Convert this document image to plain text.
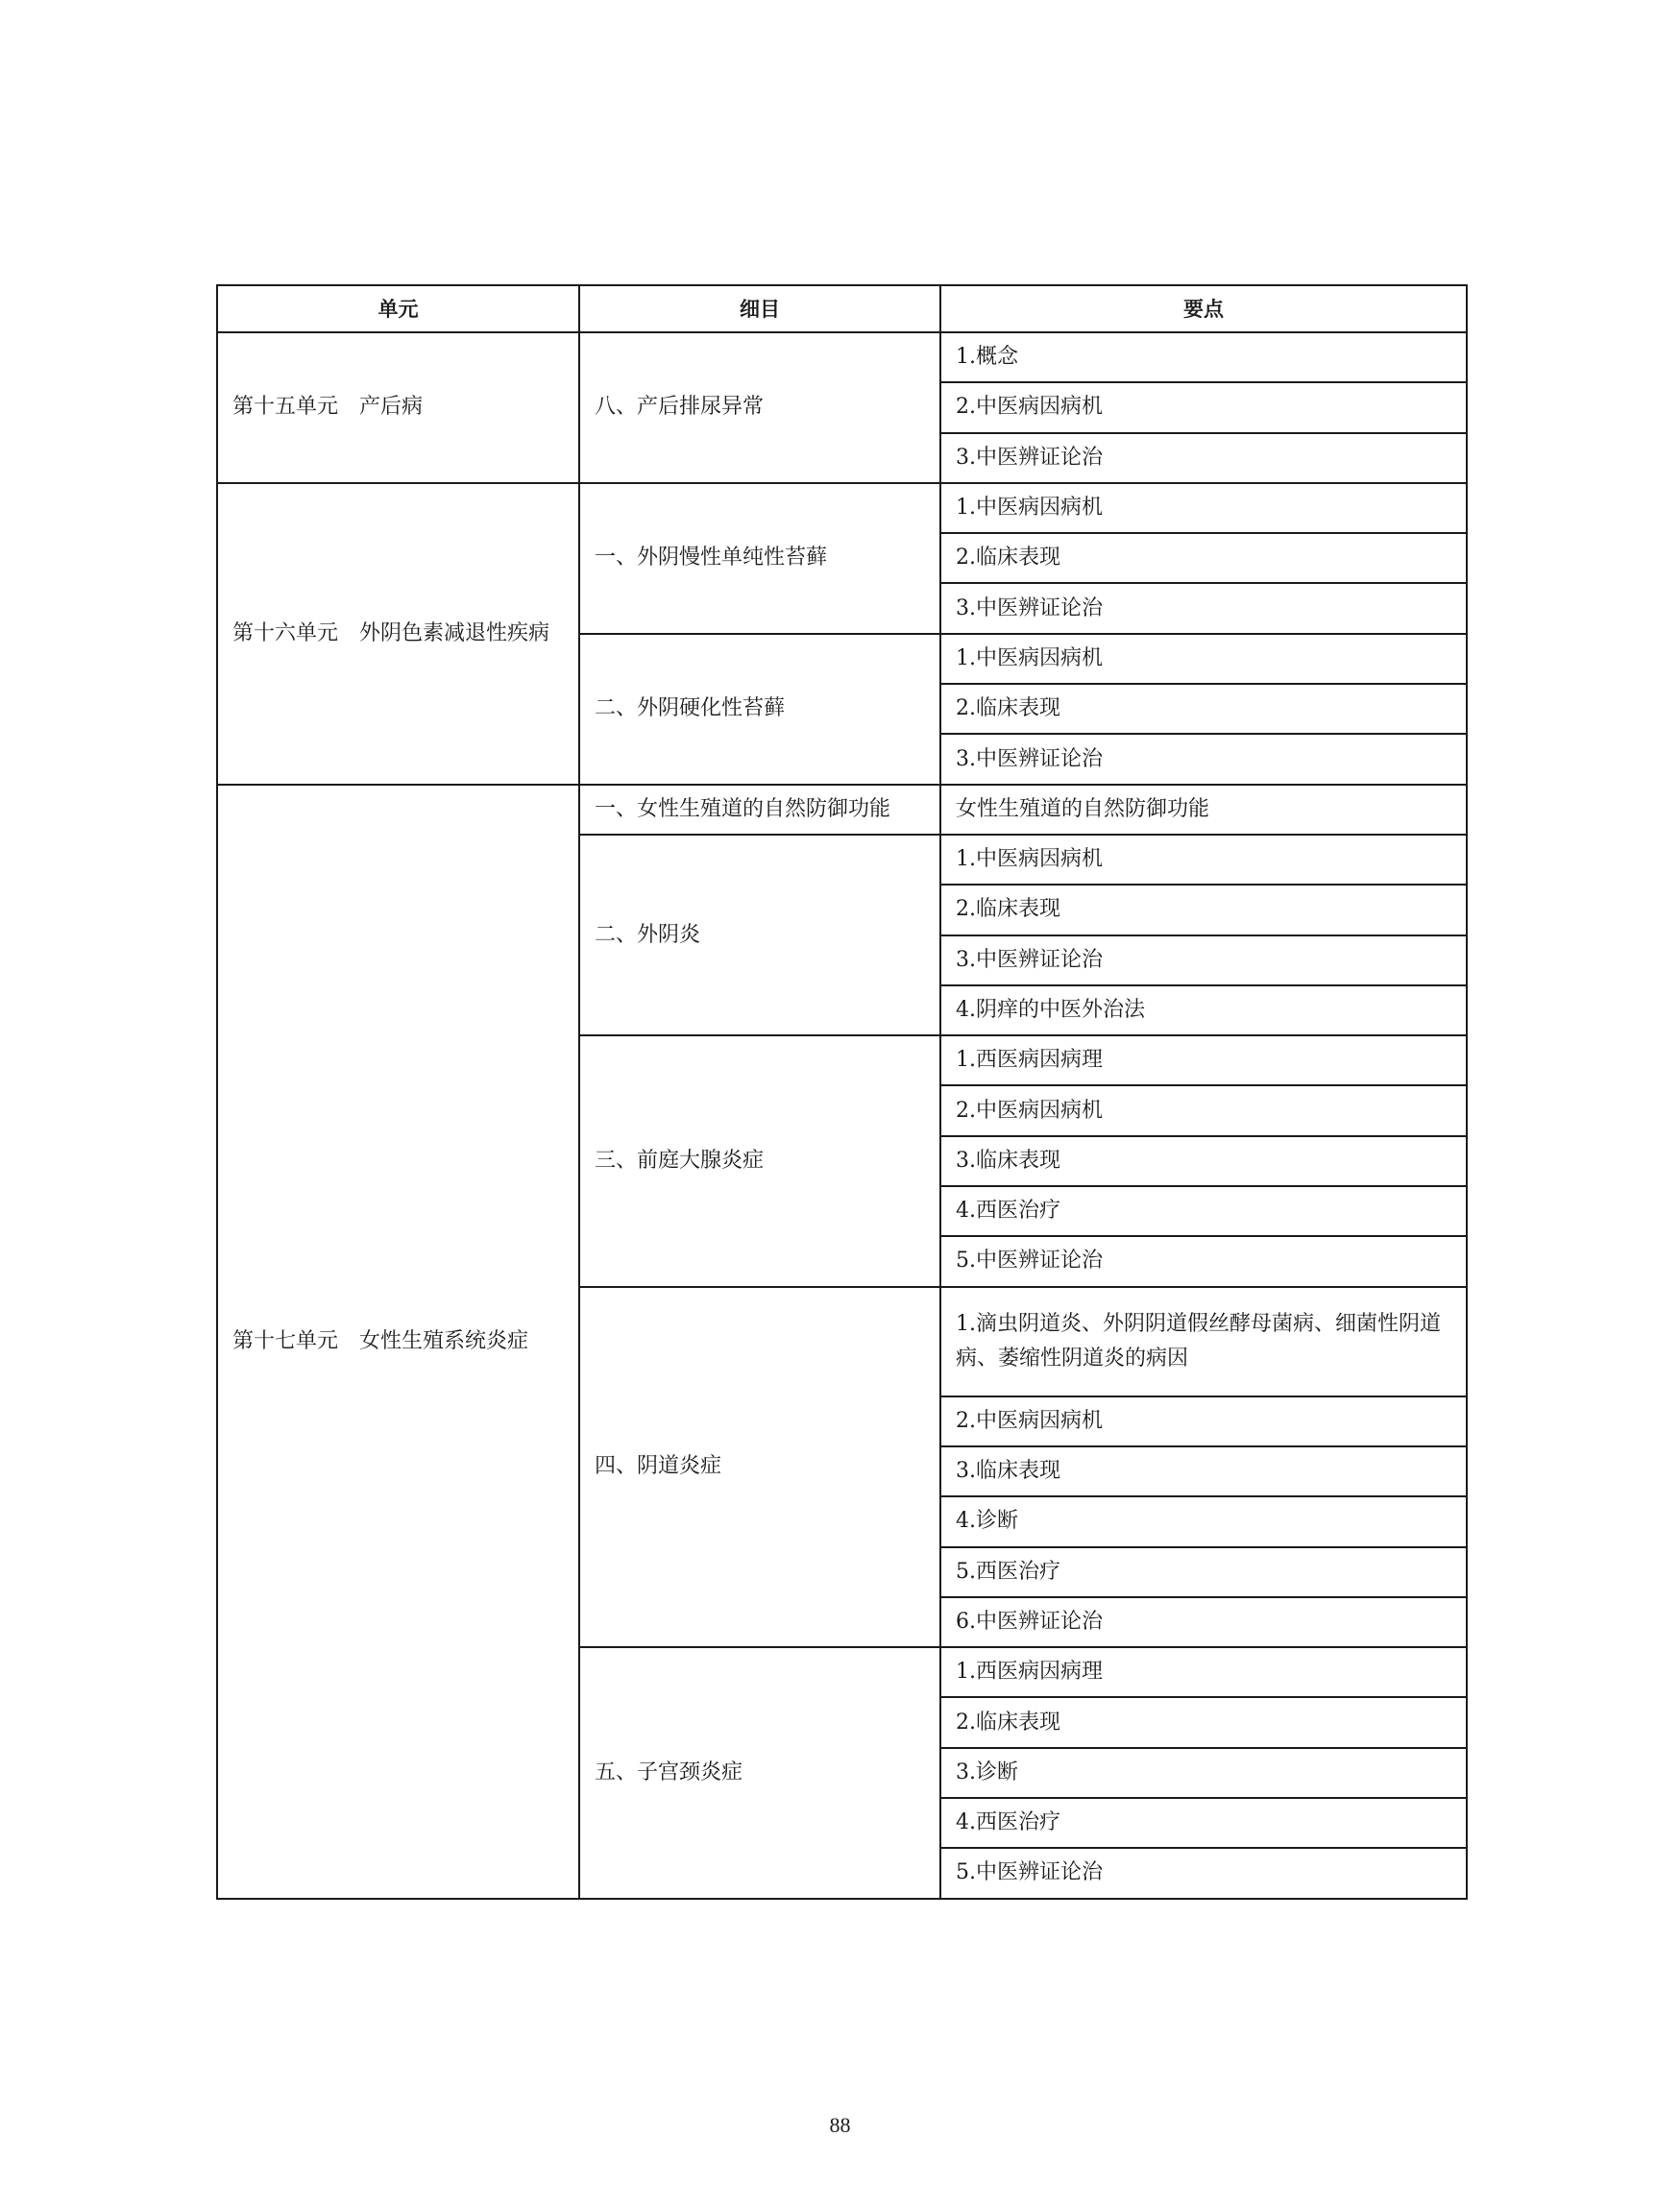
单元	细目	要点
第十五单元　产后病	八、产后排尿异常	1.概念
		2.中医病因病机
		3.中医辨证论治
第十六单元　外阴色素减退性疾病	一、外阴慢性单纯性苔藓	1.中医病因病机
		2.临床表现
		3.中医辨证论治
	二、外阴硬化性苔藓	1.中医病因病机
		2.临床表现
		3.中医辨证论治
第十七单元　女性生殖系统炎症	一、女性生殖道的自然防御功能	女性生殖道的自然防御功能
	二、外阴炎	1.中医病因病机
		2.临床表现
		3.中医辨证论治
		4.阴痒的中医外治法
	三、前庭大腺炎症	1.西医病因病理
		2.中医病因病机
		3.临床表现
		4.西医治疗
		5.中医辨证论治
	四、阴道炎症	1.滴虫阴道炎、外阴阴道假丝酵母菌病、细菌性阴道病、萎缩性阴道炎的病因
		2.中医病因病机
		3.临床表现
		4.诊断
		5.西医治疗
		6.中医辨证论治
	五、子宫颈炎症	1.西医病因病理
		2.临床表现
		3.诊断
		4.西医治疗
		5.中医辨证论治
88
